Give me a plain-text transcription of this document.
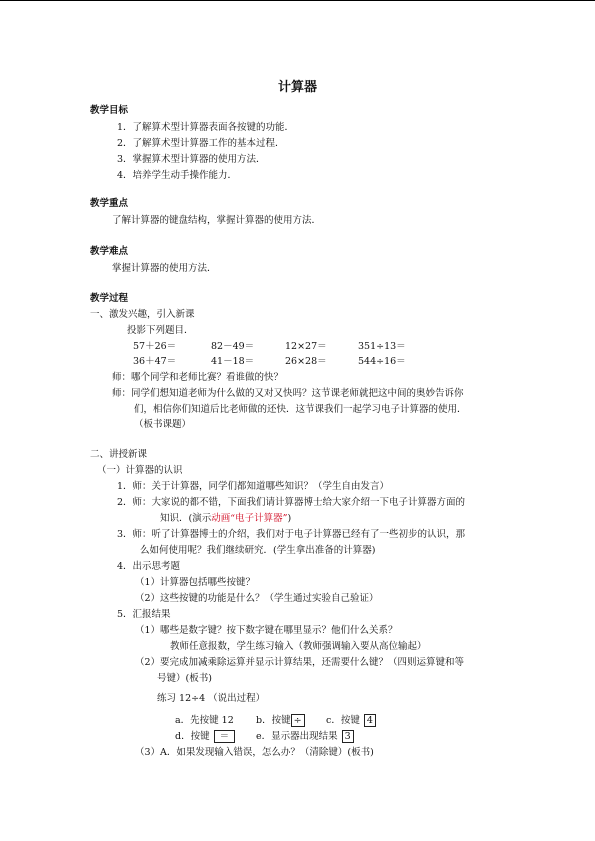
计算器
教学目标
1．了解算术型计算器表面各按键的功能．
2．了解算术型计算器工作的基本过程．
3．掌握算术型计算器的使用方法．
4．培养学生动手操作能力．
教学重点
了解计算器的键盘结构，掌握计算器的使用方法．
教学难点
掌握计算器的使用方法．
教学过程
一、激发兴趣，引入新课
投影下列题目．
57＋26＝	82－49＝	12×27＝	351÷13＝
36＋47＝	41－18＝	26×28＝	544÷16＝
师：哪个同学和老师比赛？看谁做的快？
师：同学们想知道老师为什么做的又对又快吗？这节课老师就把这中间的奥妙告诉你
们，相信你们知道后比老师做的还快．这节课我们一起学习电子计算器的使用．
（板书课题）
二、讲授新课
（一）计算器的认识
1．师：关于计算器，同学们都知道哪些知识？（学生自由发言）
2．师：大家说的都不错，下面我们请计算器博士给大家介绍一下电子计算器方面的
知识．(演示动画“电子计算器”)
3．师：听了计算器博士的介绍，我们对于电子计算器已经有了一些初步的认识，那
么如何使用呢？我们继续研究．(学生拿出准备的计算器)
4．出示思考题
（1）计算器包括哪些按键？
（2）这些按键的功能是什么？（学生通过实验自己验证）
5．汇报结果
（1）哪些是数字键？按下数字键在哪里显示？他们什么关系？
教师任意报数，学生练习输入（教师强调输入要从高位输起）
（2）要完成加减乘除运算并显示计算结果，还需要什么键？（四则运算键和等
号键）(板书)
练习 12÷4 （说出过程）
a．先按键 12 b．按键 ÷	c．按键 4
d．按键 ＝	e．显示器出现结果 3
（3）A．如果发现输入错误，怎么办？（清除键）(板书)
